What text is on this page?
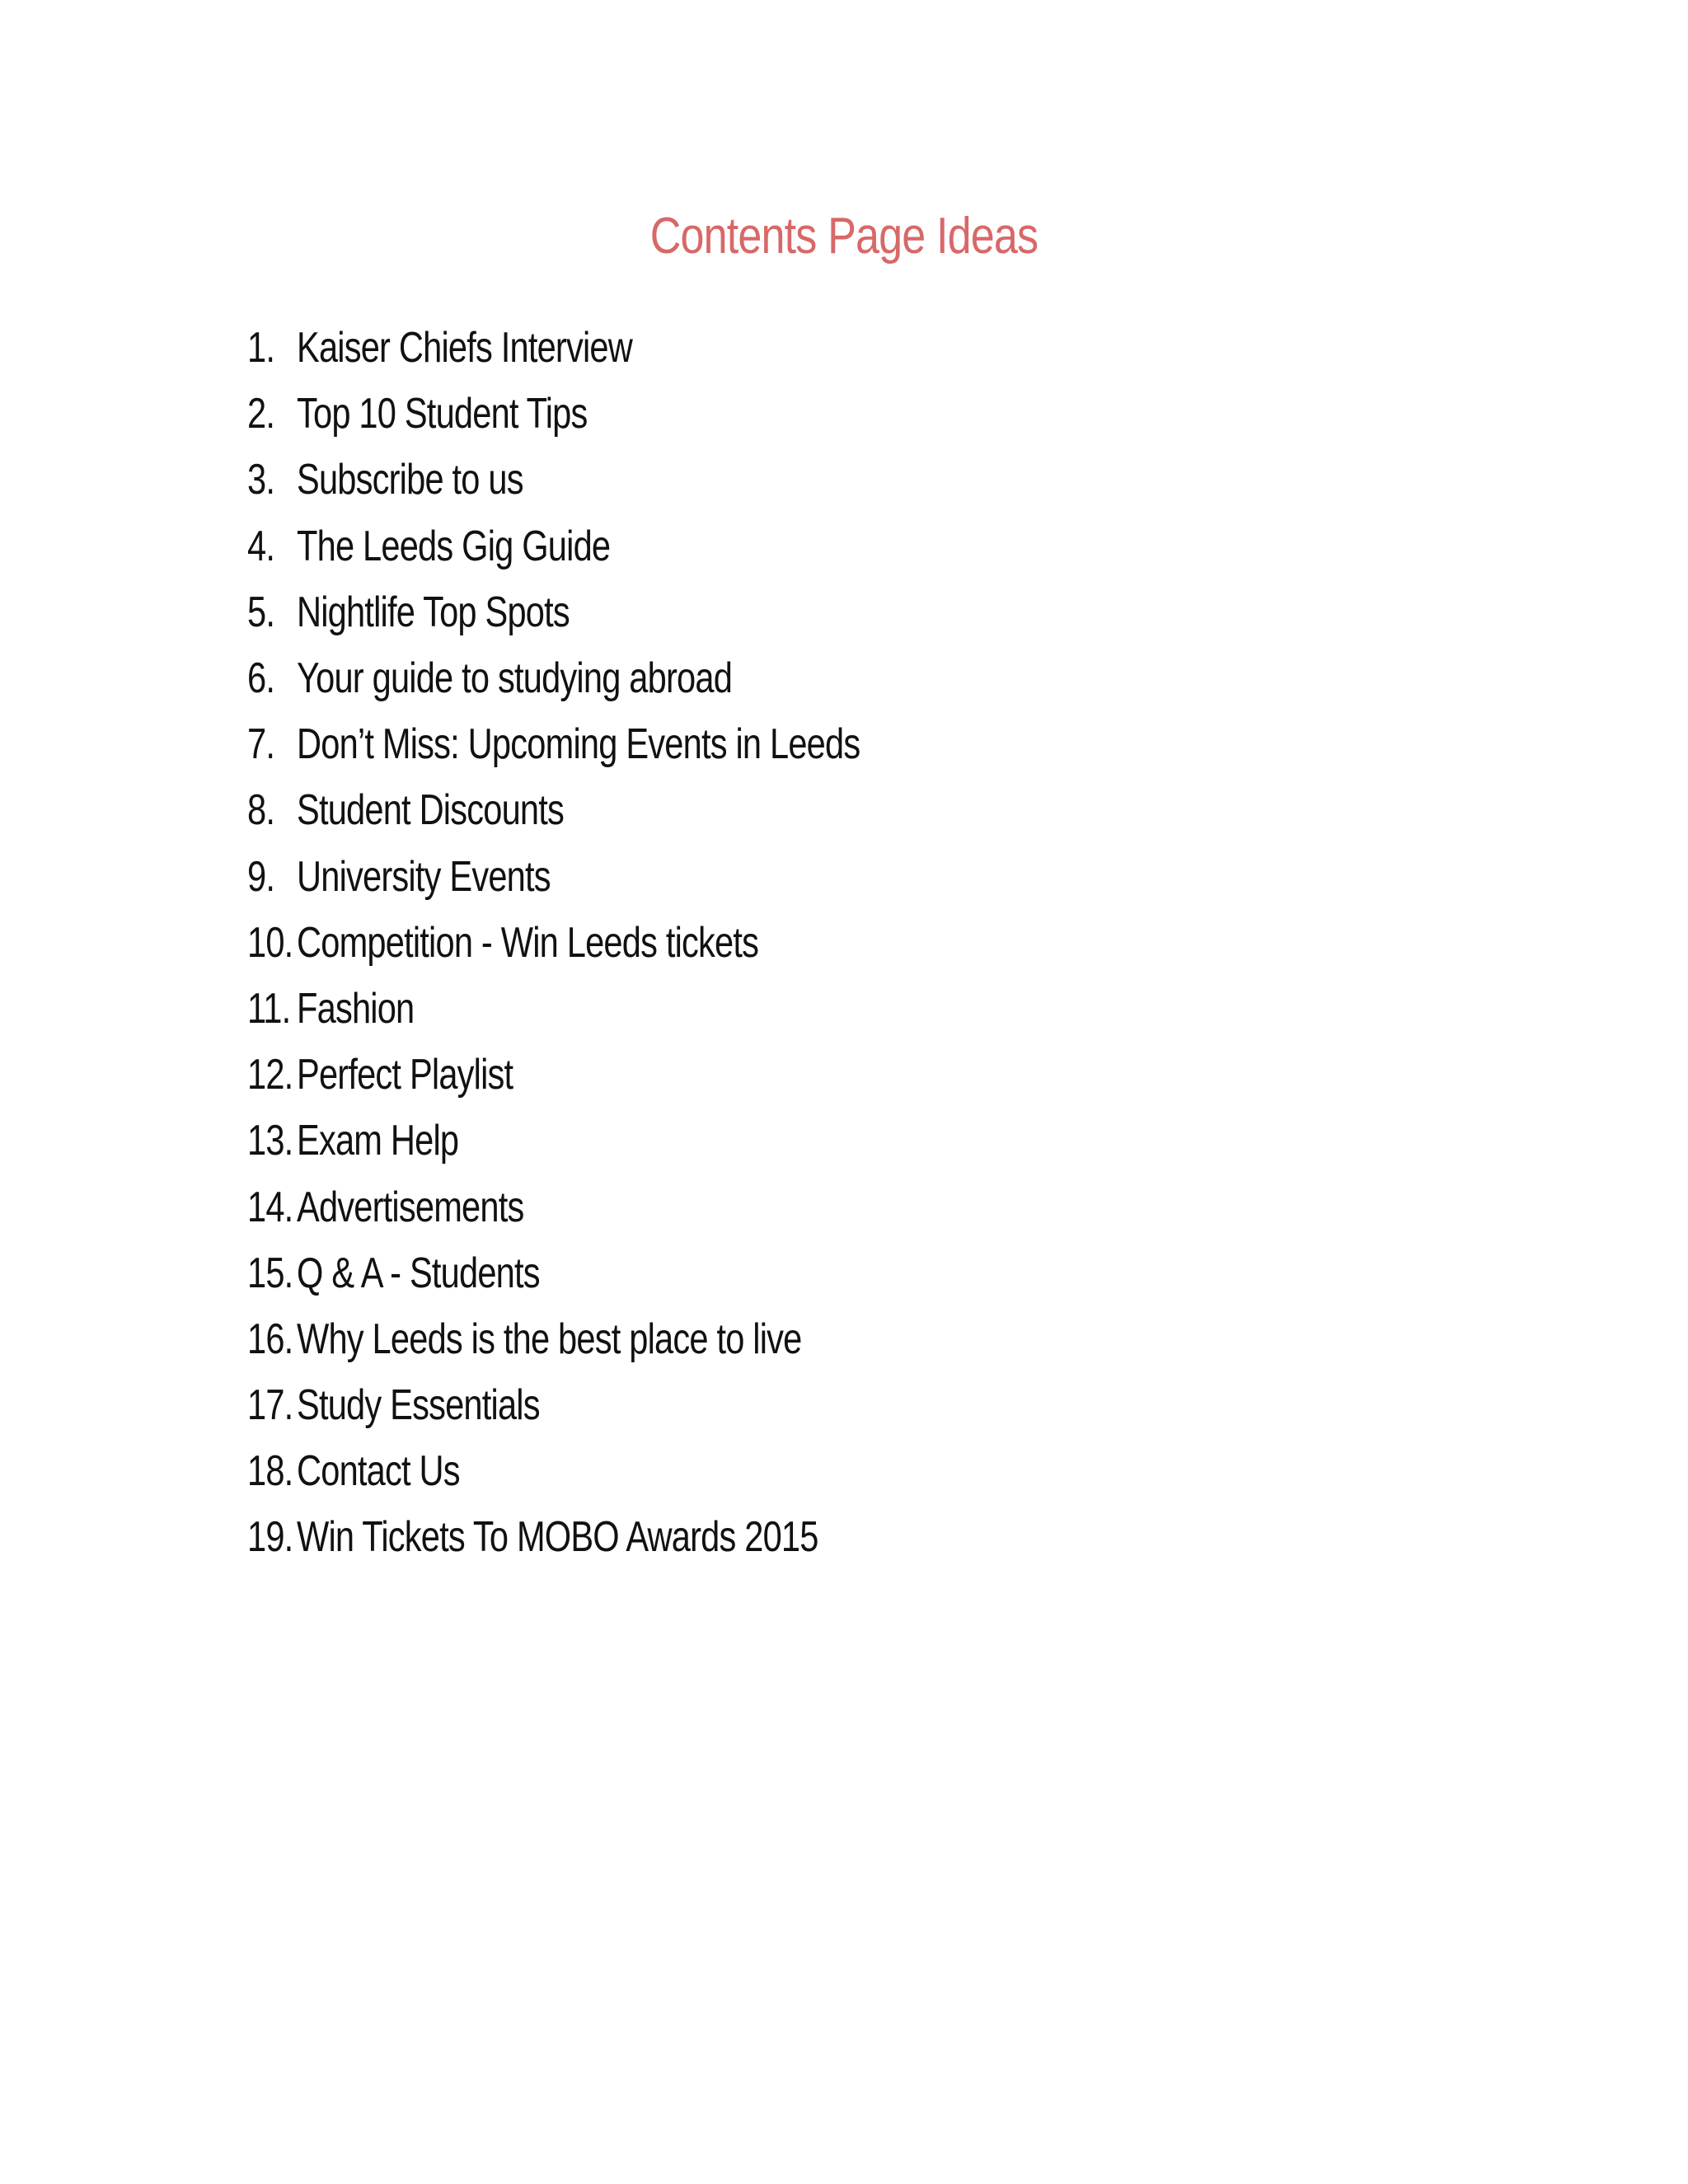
Contents Page Ideas
1. Kaiser Chiefs Interview
2. Top 10 Student Tips
3. Subscribe to us
4. The Leeds Gig Guide
5. Nightlife Top Spots
6. Your guide to studying abroad
7. Don’t Miss: Upcoming Events in Leeds
8. Student Discounts
9. University Events
10. Competition - Win Leeds tickets
11. Fashion
12. Perfect Playlist
13. Exam Help
14. Advertisements
15. Q & A - Students
16. Why Leeds is the best place to live
17. Study Essentials
18. Contact Us
19. Win Tickets To MOBO Awards 2015
